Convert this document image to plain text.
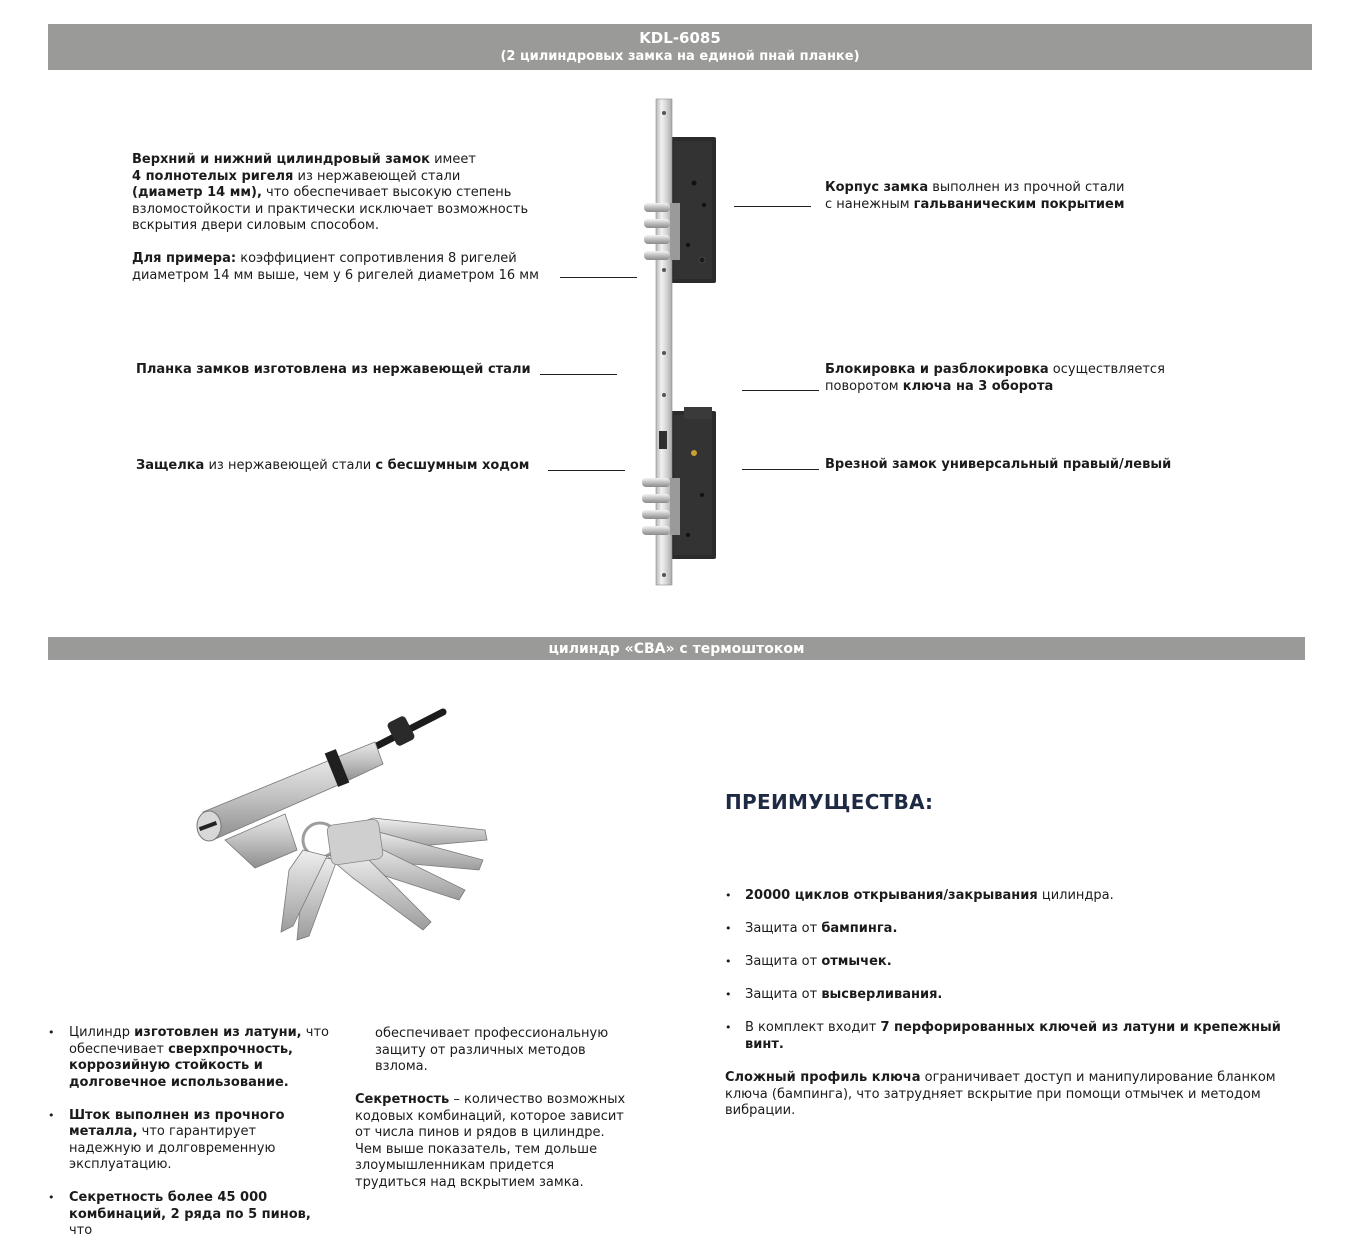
KDL-6085
(2 цилиндровых замка на единой пнай планке)

Верхний и нижний цилиндровый замок имеет
4 полнотелых ригеля из нержавеющей стали
(диаметр 14 мм), что обеспечивает высокую степень взломостойкости и практически исключает возможность вскрытия двери силовым способом.

Для примера: коэффициент сопротивления 8 ригелей диаметром 14 мм выше, чем у 6 ригелей диаметром 16 мм

Планка замков изготовлена из нержавеющей стали

Защелка из нержавеющей стали с бесшумным ходом

Корпус замка выполнен из прочной стали
с нанежным гальваническим покрытием

Блокировка и разблокировка осуществляется
поворотом ключа на 3 оборота

Врезной замок универсальный правый/левый

цилиндр «СВА» с термоштоком
• Цилиндр изготовлен из латуни, что обеспечивает сверхпрочность, коррозийную стойкость и долговечное использование.
• Шток выполнен из прочного металла, что гарантирует надежную и долговременную эксплуатацию.
• Секретность более 45 000 комбинаций, 2 ряда по 5 пинов, что

обеспечивает профессиональную защиту от различных методов взлома.

Секретность – количество возможных кодовых комбинаций, которое зависит от числа пинов и рядов в цилиндре. Чем выше показатель, тем дольше злоумышленникам придется трудиться над вскрытием замка.

ПРЕИМУЩЕСТВА:
• 20000 циклов открывания/закрывания цилиндра.
• Защита от бампинга.
• Защита от отмычек.
• Защита от высверливания.
• В комплект входит 7 перфорированных ключей из латуни и крепежный винт.

Сложный профиль ключа ограничивает доступ и манипулирование бланком ключа (бампинга), что затрудняет вскрытие при помощи отмычек и методом вибрации.
